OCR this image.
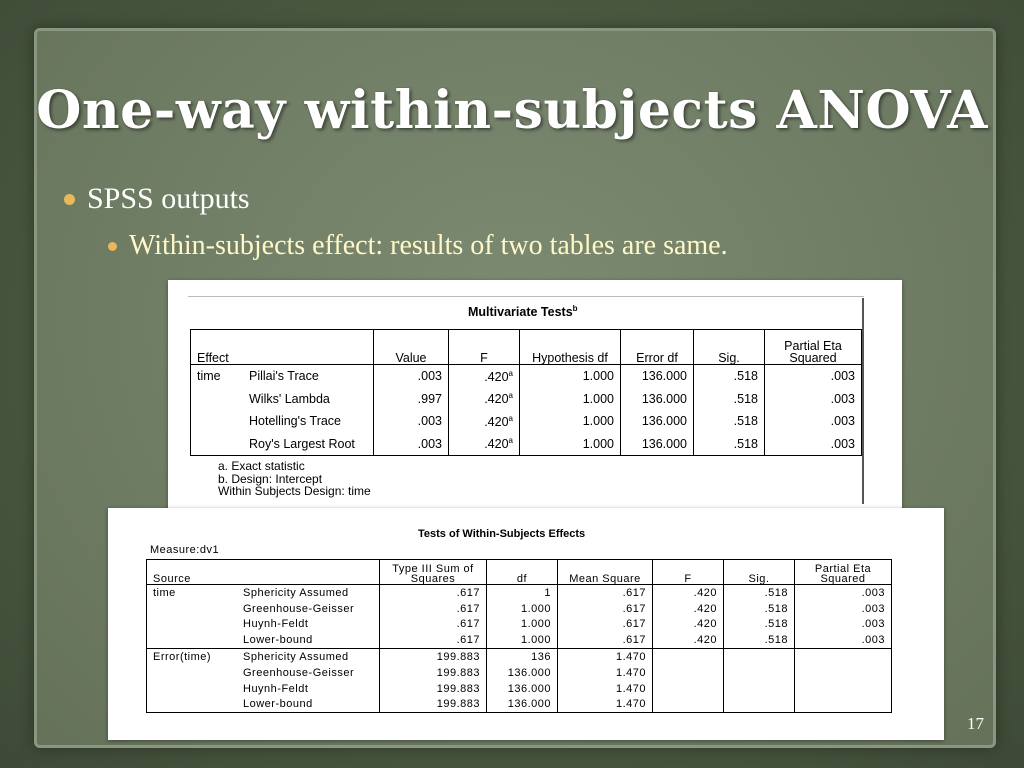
One-way within-subjects ANOVA
SPSS outputs
Within-subjects effect: results of two tables are same.
Multivariate Tests$^b$
Effect		Value	F	Hypothesis df	Error df	Sig.	Partial Eta Squared
time	Pillai's Trace	.003	.420$^a$	1.000	136.000	.518	.003
	Wilks' Lambda	.997	.420$^a$	1.000	136.000	.518	.003
	Hotelling's Trace	.003	.420$^a$	1.000	136.000	.518	.003
	Roy's Largest Root	.003	.420$^a$	1.000	136.000	.518	.003
a. Exact statistic
b. Design: Intercept
Within Subjects Design: time
Tests of Within-Subjects Effects
Measure:dv1
Source		Type III Sum of Squares	df	Mean Square	F	Sig.	Partial Eta Squared
time	Sphericity Assumed	.617	1	.617	.420	.518	.003
	Greenhouse-Geisser	.617	1.000	.617	.420	.518	.003
	Huynh-Feldt	.617	1.000	.617	.420	.518	.003
	Lower-bound	.617	1.000	.617	.420	.518	.003
Error(time)	Sphericity Assumed	199.883	136	1.470			
	Greenhouse-Geisser	199.883	136.000	1.470			
	Huynh-Feldt	199.883	136.000	1.470			
	Lower-bound	199.883	136.000	1.470			
17
